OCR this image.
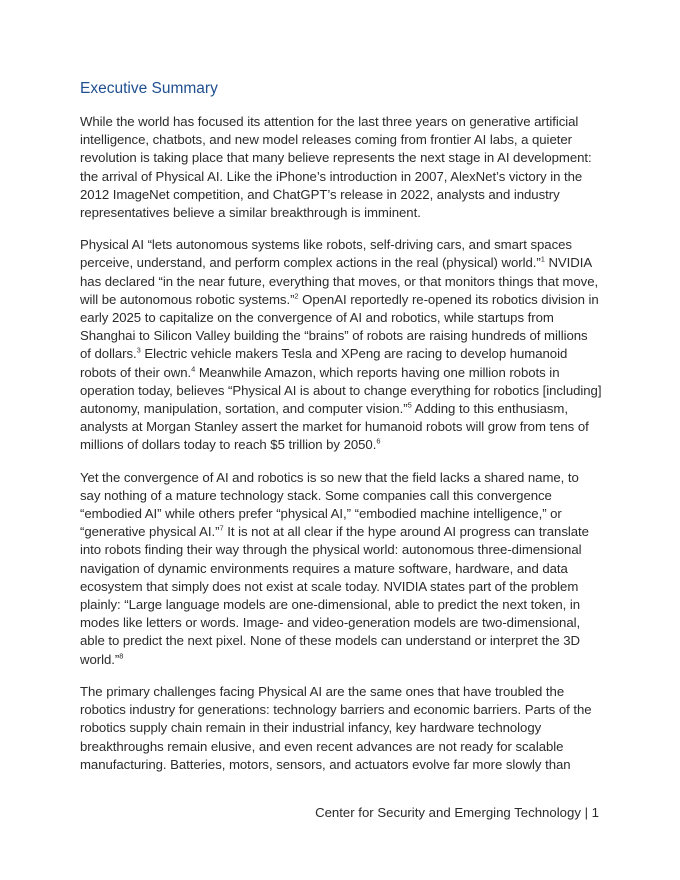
Executive Summary

While the world has focused its attention for the last three years on generative artificial intelligence, chatbots, and new model releases coming from frontier AI labs, a quieter revolution is taking place that many believe represents the next stage in AI development: the arrival of Physical AI. Like the iPhone’s introduction in 2007, AlexNet’s victory in the 2012 ImageNet competition, and ChatGPT’s release in 2022, analysts and industry representatives believe a similar breakthrough is imminent.

Physical AI “lets autonomous systems like robots, self-driving cars, and smart spaces perceive, understand, and perform complex actions in the real (physical) world.”$^1$ NVIDIA has declared “in the near future, everything that moves, or that monitors things that move, will be autonomous robotic systems.”$^2$ OpenAI reportedly re-opened its robotics division in early 2025 to capitalize on the convergence of AI and robotics, while startups from Shanghai to Silicon Valley building the “brains” of robots are raising hundreds of millions of dollars.$^3$ Electric vehicle makers Tesla and XPeng are racing to develop humanoid robots of their own.$^4$ Meanwhile Amazon, which reports having one million robots in operation today, believes “Physical AI is about to change everything for robotics [including] autonomy, manipulation, sortation, and computer vision.”$^5$ Adding to this enthusiasm, analysts at Morgan Stanley assert the market for humanoid robots will grow from tens of millions of dollars today to reach $5 trillion by 2050.$^6$

Yet the convergence of AI and robotics is so new that the field lacks a shared name, to say nothing of a mature technology stack. Some companies call this convergence “embodied AI” while others prefer “physical AI,” “embodied machine intelligence,” or “generative physical AI.”$^7$ It is not at all clear if the hype around AI progress can translate into robots finding their way through the physical world: autonomous three-dimensional navigation of dynamic environments requires a mature software, hardware, and data ecosystem that simply does not exist at scale today. NVIDIA states part of the problem plainly: “Large language models are one-dimensional, able to predict the next token, in modes like letters or words. Image- and video-generation models are two-dimensional, able to predict the next pixel. None of these models can understand or interpret the 3D world.”$^8$

The primary challenges facing Physical AI are the same ones that have troubled the robotics industry for generations: technology barriers and economic barriers. Parts of the robotics supply chain remain in their industrial infancy, key hardware technology breakthroughs remain elusive, and even recent advances are not ready for scalable manufacturing. Batteries, motors, sensors, and actuators evolve far more slowly than

Center for Security and Emerging Technology | 1
